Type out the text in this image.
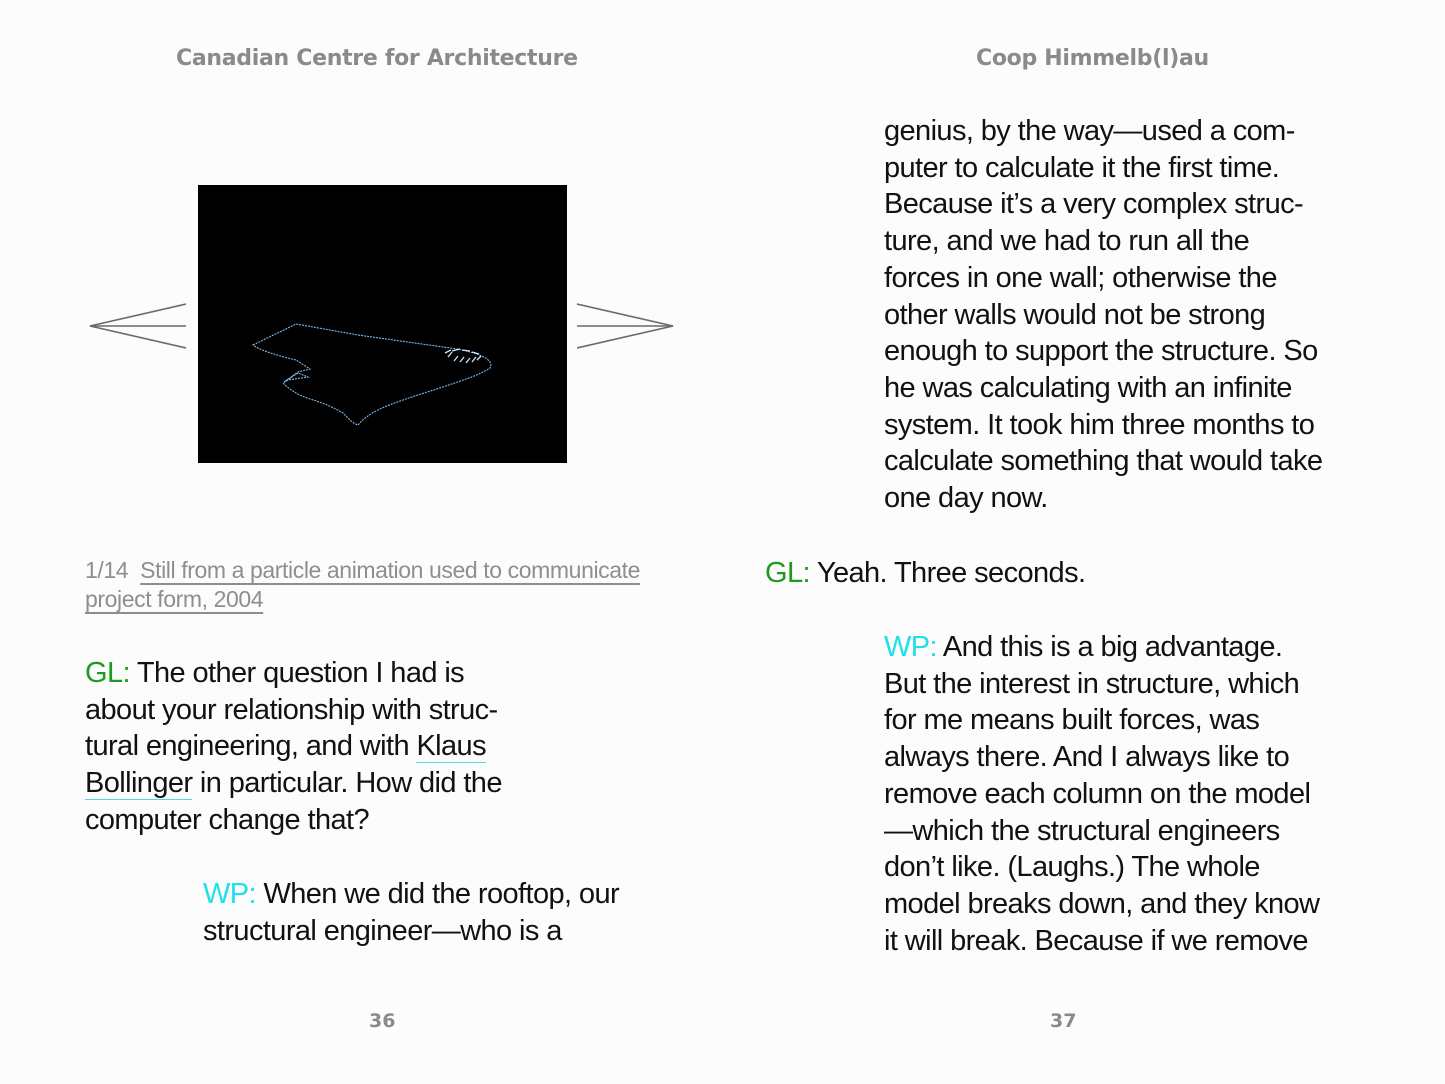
Canadian Centre for Architecture	Coop Himmelb(l)au
1/14 Still from a particle animation used to communicate
project form, 2004
GL: The other question I had is
about your relationship with struc-
tural engineering, and with Klaus
Bollinger in particular. How did the
computer change that?
WP: When we did the rooftop, our
structural engineer—who is a
genius, by the way—used a com-
puter to calculate it the first time.
Because it’s a very complex struc-
ture, and we had to run all the
forces in one wall; otherwise the
other walls would not be strong
enough to support the structure. So
he was calculating with an infinite
system. It took him three months to
calculate something that would take
one day now.
GL: Yeah. Three seconds.
WP: And this is a big advantage.
But the interest in structure, which
for me means built forces, was
always there. And I always like to
remove each column on the model
—which the structural engineers
don’t like. (Laughs.) The whole
model breaks down, and they know
it will break. Because if we remove
36	37
